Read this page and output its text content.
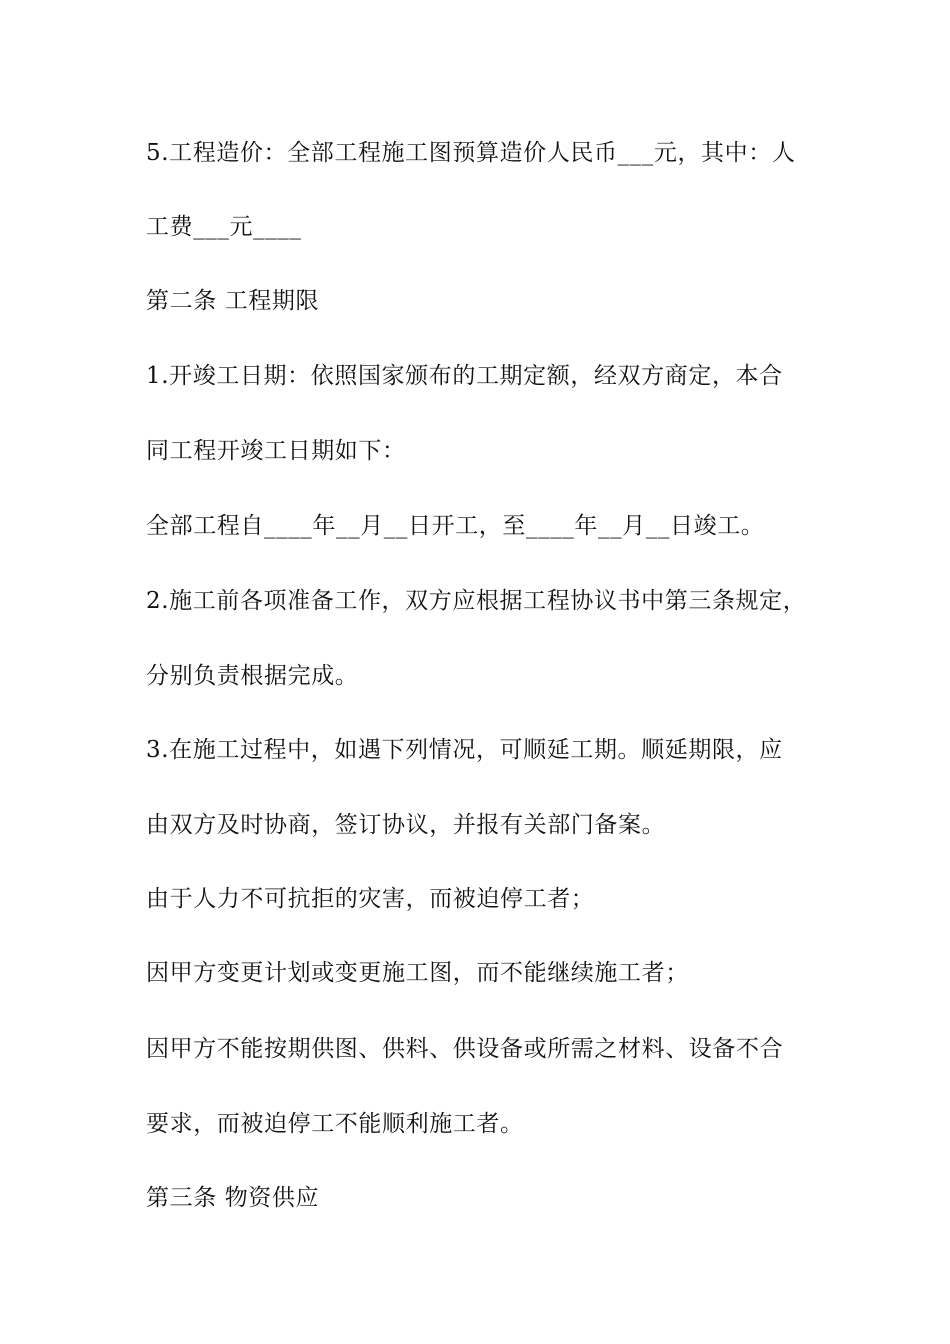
5.工程造价：全部工程施工图预算造价人民币___元，其中：人
工费___元____
第二条 工程期限
1.开竣工日期：依照国家颁布的工期定额，经双方商定，本合
同工程开竣工日期如下：
全部工程自____年__月__日开工，至____年__月__日竣工。
2.施工前各项准备工作，双方应根据工程协议书中第三条规定，
分别负责根据完成。
3.在施工过程中，如遇下列情况，可顺延工期。顺延期限，应
由双方及时协商，签订协议，并报有关部门备案。
由于人力不可抗拒的灾害，而被迫停工者；
因甲方变更计划或变更施工图，而不能继续施工者；
因甲方不能按期供图、供料、供设备或所需之材料、设备不合
要求，而被迫停工不能顺利施工者。
第三条 物资供应
